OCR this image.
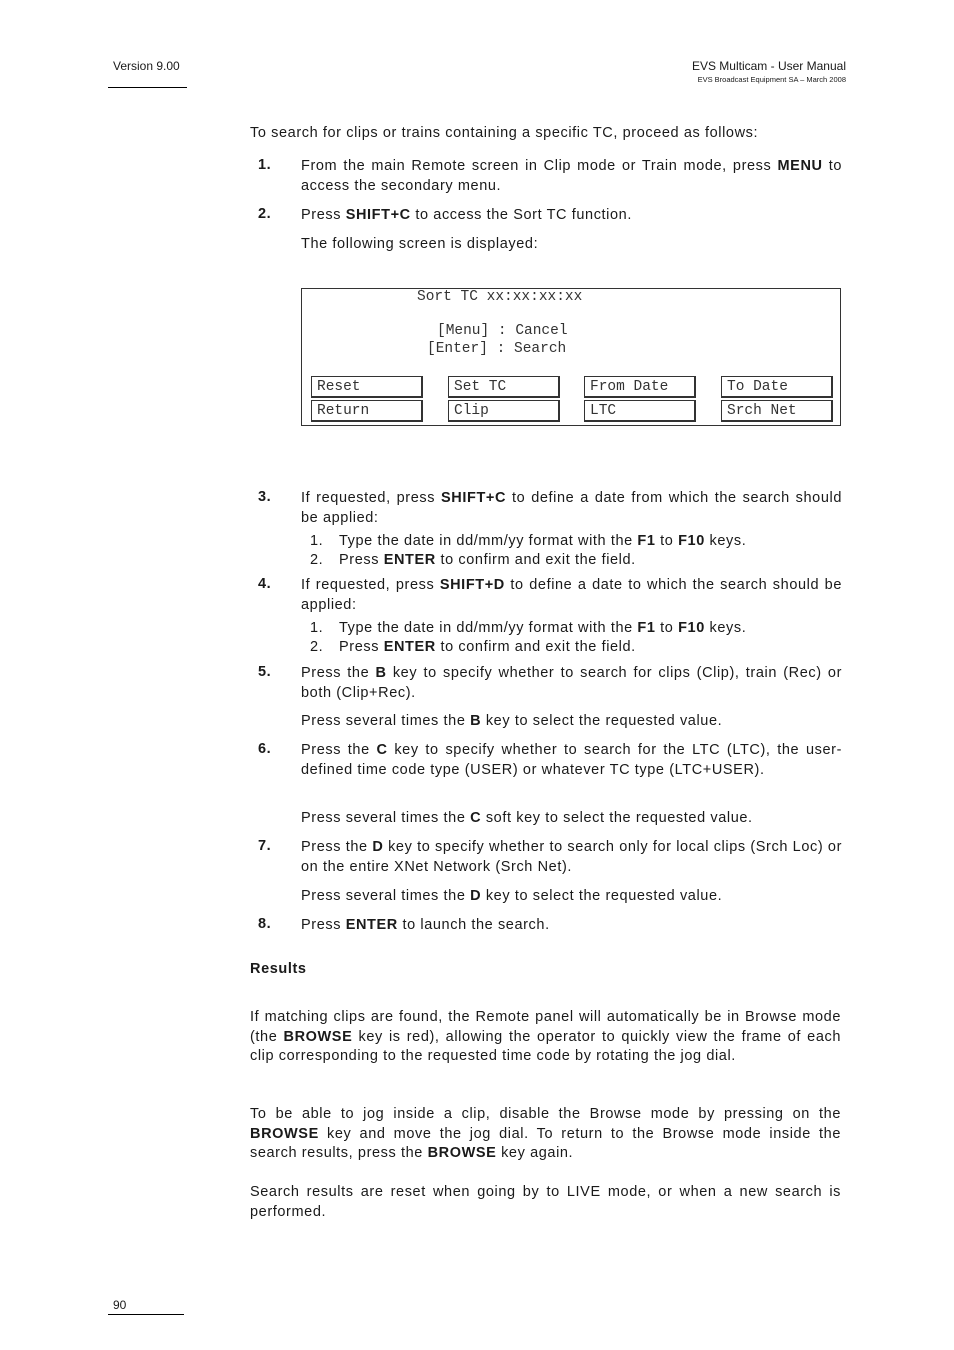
Version 9.00	EVS Multicam - User Manual
EVS Broadcast Equipment SA – March 2008
To search for clips or trains containing a specific TC, proceed as follows:
1. From the main Remote screen in Clip mode or Train mode, press MENU to access the secondary menu.
2. Press SHIFT+C to access the Sort TC function.
The following screen is displayed:
Sort TC xx:xx:xx:xx
[Menu] : Cancel
[Enter] : Search
Reset	Set TC	From Date	To Date
Return	Clip	LTC	Srch Net
3. If requested, press SHIFT+C to define a date from which the search should be applied:
1. Type the date in dd/mm/yy format with the F1 to F10 keys.
2. Press ENTER to confirm and exit the field.
4. If requested, press SHIFT+D to define a date to which the search should be applied:
1. Type the date in dd/mm/yy format with the F1 to F10 keys.
2. Press ENTER to confirm and exit the field.
5. Press the B key to specify whether to search for clips (Clip), train (Rec) or both (Clip+Rec).
Press several times the B key to select the requested value.
6. Press the C key to specify whether to search for the LTC (LTC), the user-defined time code type (USER) or whatever TC type (LTC+USER).
Press several times the C soft key to select the requested value.
7. Press the D key to specify whether to search only for local clips (Srch Loc) or on the entire XNet Network (Srch Net).
Press several times the D key to select the requested value.
8. Press ENTER to launch the search.
Results
If matching clips are found, the Remote panel will automatically be in Browse mode (the BROWSE key is red), allowing the operator to quickly view the frame of each clip corresponding to the requested time code by rotating the jog dial.
To be able to jog inside a clip, disable the Browse mode by pressing on the BROWSE key and move the jog dial. To return to the Browse mode inside the search results, press the BROWSE key again.
Search results are reset when going by to LIVE mode, or when a new search is performed.
90
